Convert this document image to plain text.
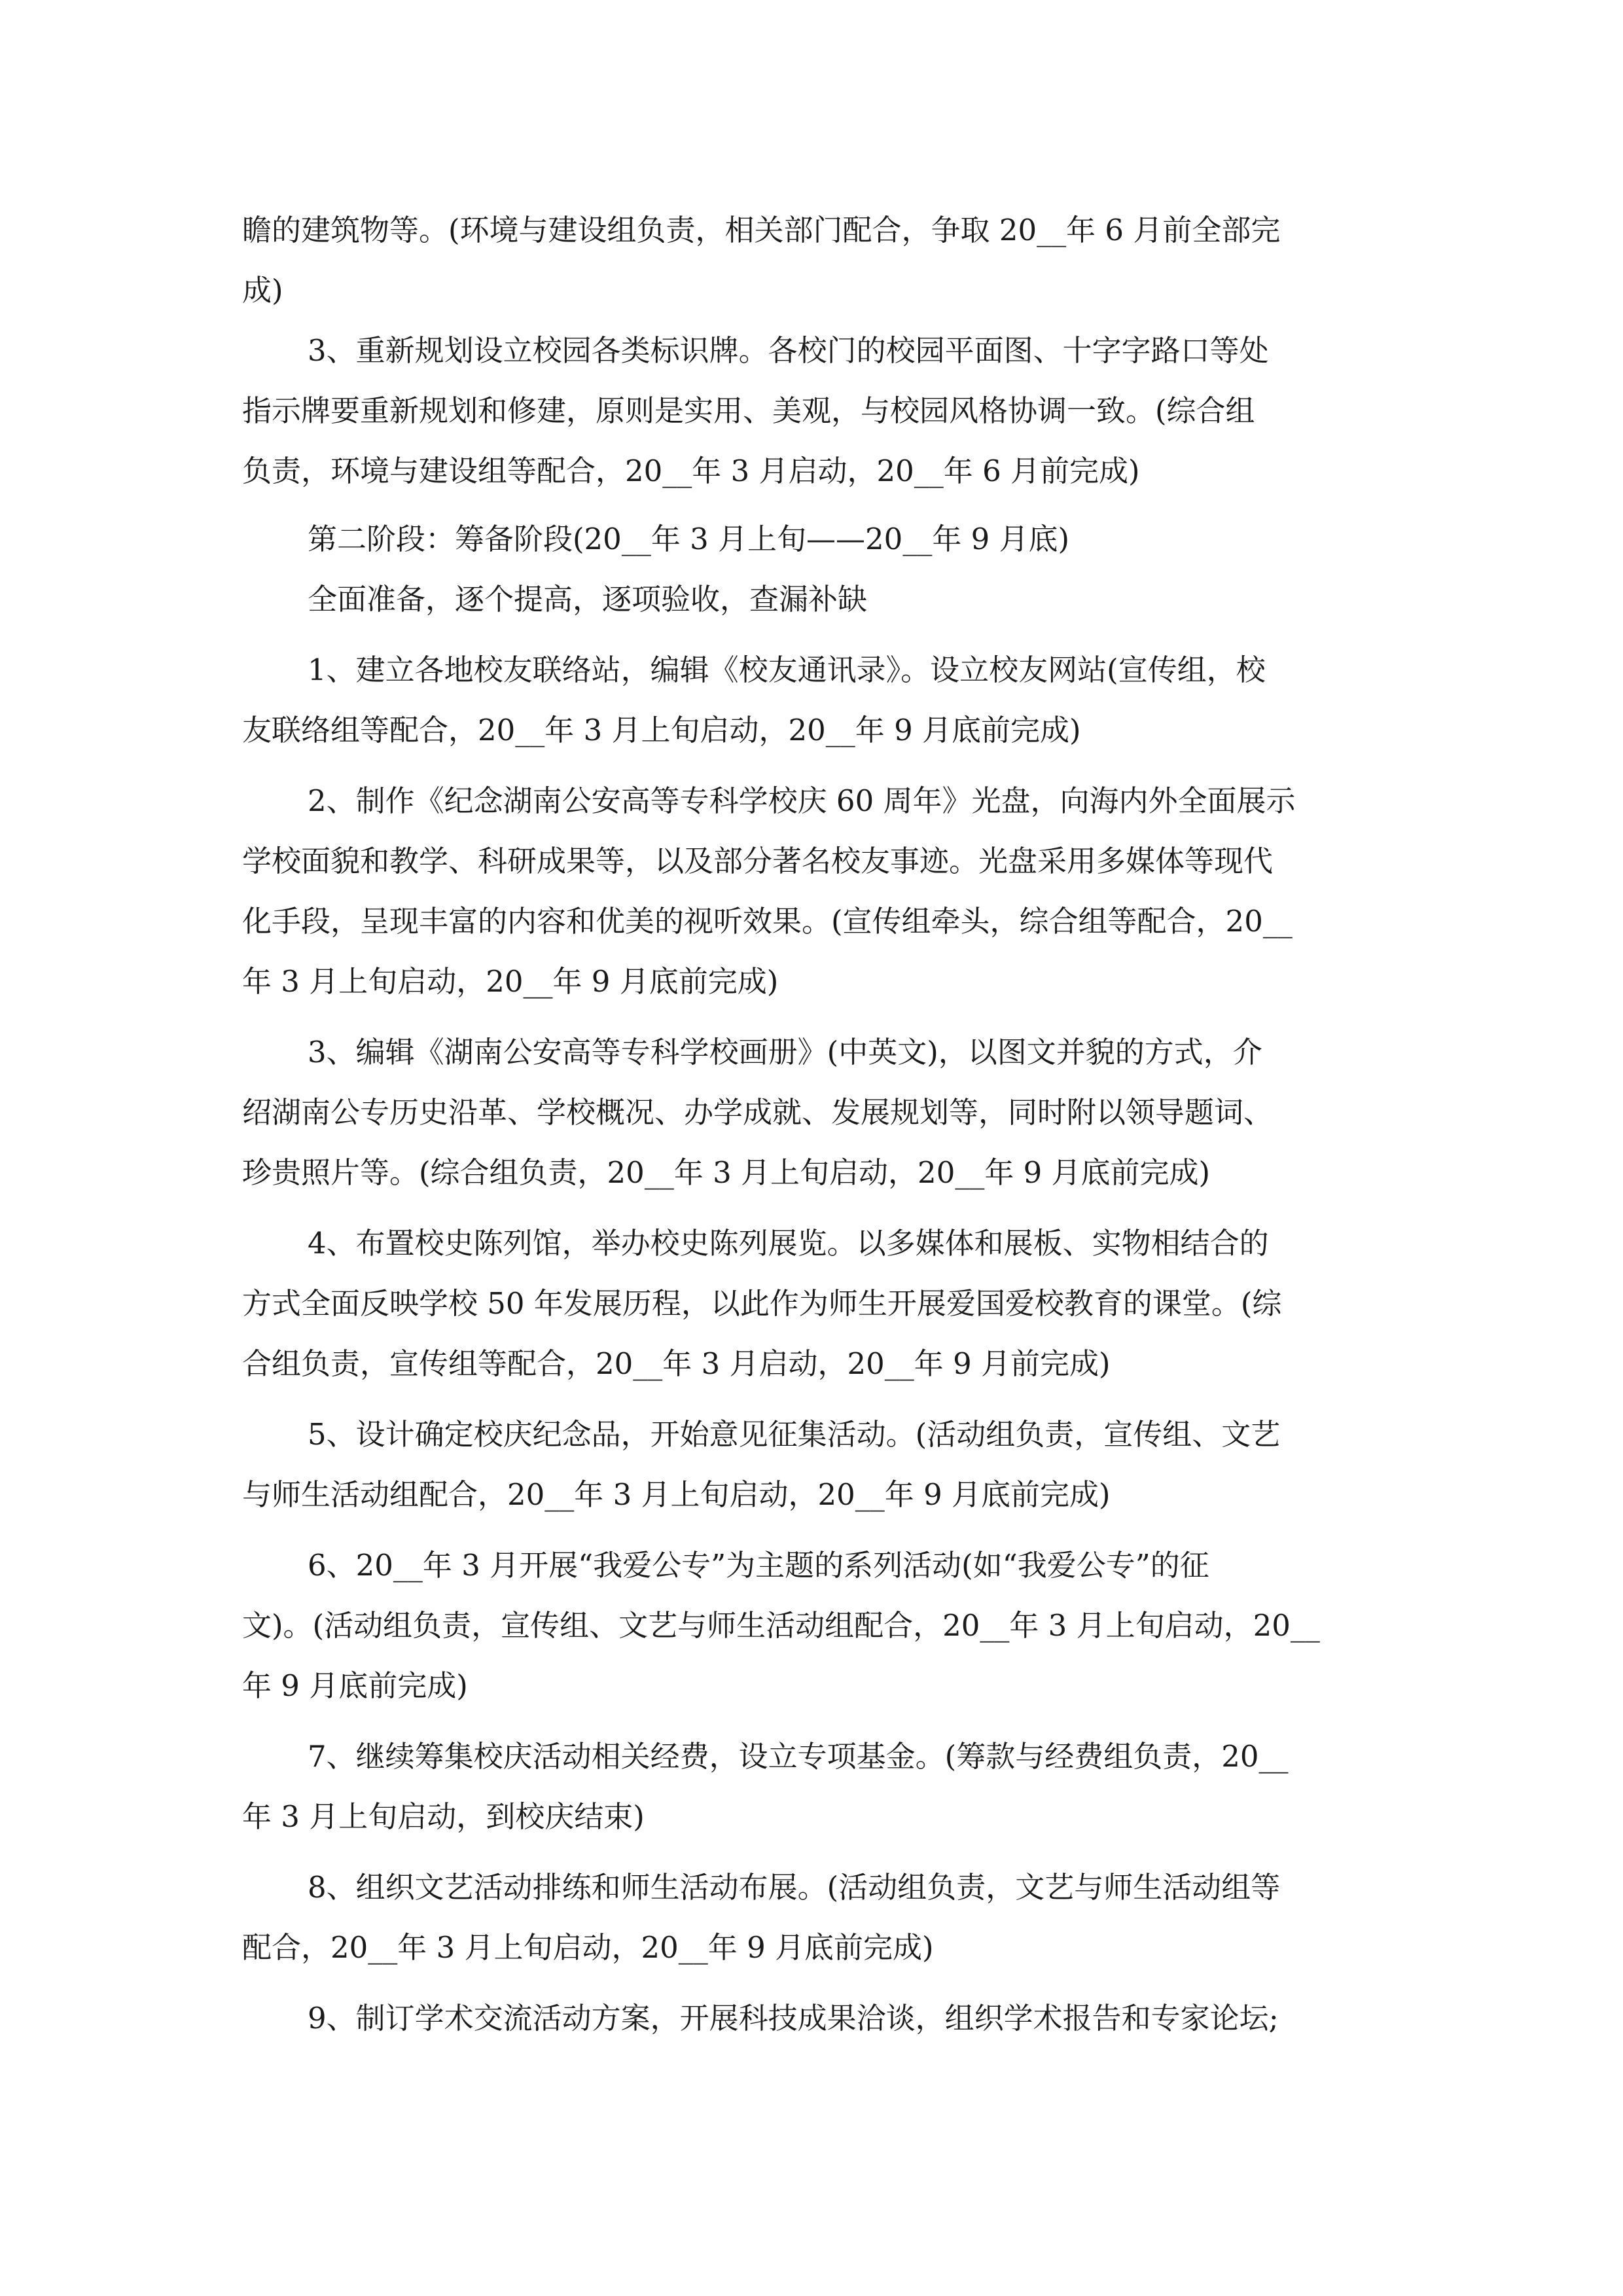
瞻的建筑物等。(环境与建设组负责，相关部门配合，争取 20__年 6 月前全部完
成)
3、重新规划设立校园各类标识牌。各校门的校园平面图、十字字路口等处
指示牌要重新规划和修建，原则是实用、美观，与校园风格协调一致。(综合组
负责，环境与建设组等配合，20__年 3 月启动，20__年 6 月前完成)
第二阶段：筹备阶段(20__年 3 月上旬——20__年 9 月底)
全面准备，逐个提高，逐项验收，查漏补缺
1、建立各地校友联络站，编辑《校友通讯录》。设立校友网站(宣传组，校
友联络组等配合，20__年 3 月上旬启动，20__年 9 月底前完成)
2、制作《纪念湖南公安高等专科学校庆 60 周年》光盘，向海内外全面展示
学校面貌和教学、科研成果等，以及部分著名校友事迹。光盘采用多媒体等现代
化手段，呈现丰富的内容和优美的视听效果。(宣传组牵头，综合组等配合，20__
年 3 月上旬启动，20__年 9 月底前完成)
3、编辑《湖南公安高等专科学校画册》(中英文)，以图文并貌的方式，介
绍湖南公专历史沿革、学校概况、办学成就、发展规划等，同时附以领导题词、
珍贵照片等。(综合组负责，20__年 3 月上旬启动，20__年 9 月底前完成)
4、布置校史陈列馆，举办校史陈列展览。以多媒体和展板、实物相结合的
方式全面反映学校 50 年发展历程，以此作为师生开展爱国爱校教育的课堂。(综
合组负责，宣传组等配合，20__年 3 月启动，20__年 9 月前完成)
5、设计确定校庆纪念品，开始意见征集活动。(活动组负责，宣传组、文艺
与师生活动组配合，20__年 3 月上旬启动，20__年 9 月底前完成)
6、20__年 3 月开展“我爱公专”为主题的系列活动(如“我爱公专”的征
文)。(活动组负责，宣传组、文艺与师生活动组配合，20__年 3 月上旬启动，20__
年 9 月底前完成)
7、继续筹集校庆活动相关经费，设立专项基金。(筹款与经费组负责，20__
年 3 月上旬启动，到校庆结束)
8、组织文艺活动排练和师生活动布展。(活动组负责，文艺与师生活动组等
配合，20__年 3 月上旬启动，20__年 9 月底前完成)
9、制订学术交流活动方案，开展科技成果洽谈，组织学术报告和专家论坛;
